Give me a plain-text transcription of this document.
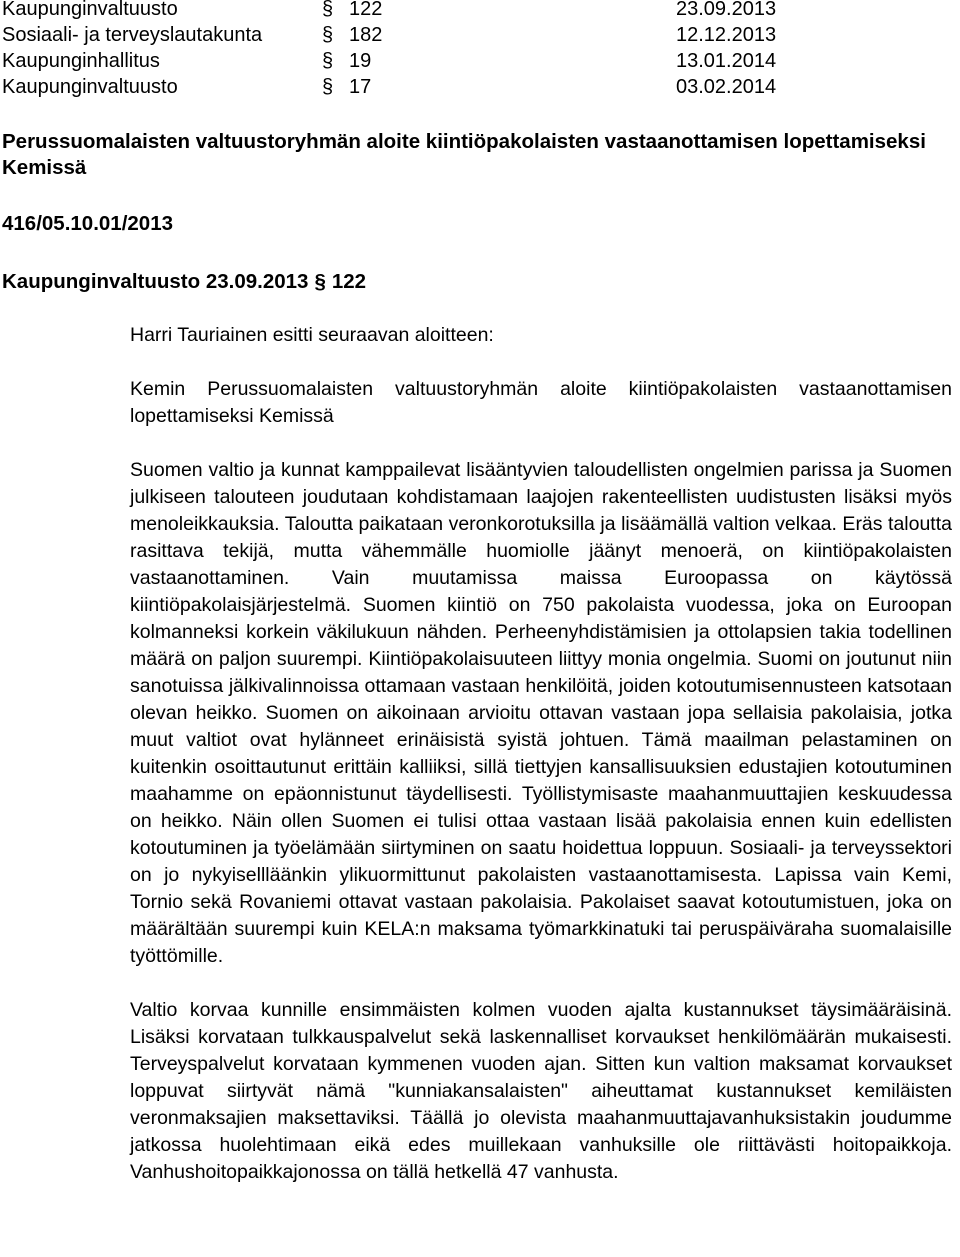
Kaupunginvaltuusto	§ 122	23.09.2013
Sosiaali- ja terveyslautakunta	§ 182	12.12.2013
Kaupunginhallitus	§ 19	13.01.2014
Kaupunginvaltuusto	§ 17	03.02.2014
Perussuomalaisten valtuustoryhmän aloite kiintiöpakolaisten vastaanottamisen lopettamiseksi Kemissä
416/05.10.01/2013
Kaupunginvaltuusto 23.09.2013 § 122

Harri Tauriainen esitti seuraavan aloitteen:

Kemin Perussuomalaisten valtuustoryhmän aloite kiintiöpakolaisten vastaanottamisen lopettamiseksi Kemissä

Suomen valtio ja kunnat kamppailevat lisääntyvien taloudellisten ongelmien parissa ja Suomen julkiseen talouteen joudutaan kohdistamaan laajojen rakenteellisten uudistusten lisäksi myös menoleikkauksia. Taloutta paikataan veronkorotuksilla ja lisäämällä valtion velkaa. Eräs taloutta rasittava tekijä, mutta vähemmälle huomiolle jäänyt menoerä, on kiintiöpakolaisten vastaanottaminen. Vain muutamissa maissa Euroopassa on käytössä kiintiöpakolaisjärjestelmä. Suomen kiintiö on 750 pakolaista vuodessa, joka on Euroopan kolmanneksi korkein väkilukuun nähden. Perheenyhdistämisien ja ottolapsien takia todellinen määrä on paljon suurempi. Kiintiöpakolaisuuteen liittyy monia ongelmia. Suomi on joutunut niin sanotuissa jälkivalinnoissa ottamaan vastaan henkilöitä, joiden kotoutumisennusteen katsotaan olevan heikko. Suomen on aikoinaan arvioitu ottavan vastaan jopa sellaisia pakolaisia, jotka muut valtiot ovat hylänneet erinäisistä syistä johtuen. Tämä maailman pelastaminen on kuitenkin osoittautunut erittäin kalliiksi, sillä tiettyjen kansallisuuksien edustajien kotoutuminen maahamme on epäonnistunut täydellisesti. Työllistymisaste maahanmuuttajien keskuudessa on heikko. Näin ollen Suomen ei tulisi ottaa vastaan lisää pakolaisia ennen kuin edellisten kotoutuminen ja työelämään siirtyminen on saatu hoidettua loppuun. Sosiaali- ja terveyssektori on jo nykyisellläänkin ylikuormittunut pakolaisten vastaanottamisesta. Lapissa vain Kemi, Tornio sekä Rovaniemi ottavat vastaan pakolaisia. Pakolaiset saavat kotoutumistuen, joka on määrältään suurempi kuin KELA:n maksama työmarkkinatuki tai peruspäiväraha suomalaisille työttömille.

Valtio korvaa kunnille ensimmäisten kolmen vuoden ajalta kustannukset täysimääräisinä. Lisäksi korvataan tulkkauspalvelut sekä laskennalliset korvaukset henkilömäärän mukaisesti. Terveyspalvelut korvataan kymmenen vuoden ajan. Sitten kun valtion maksamat korvaukset loppuvat siirtyvät nämä "kunniakansalaisten" aiheuttamat kustannukset kemiläisten veronmaksajien maksettaviksi. Täällä jo olevista maahanmuuttajavanhuksistakin joudumme jatkossa huolehtimaan eikä edes muillekaan vanhuksille ole riittävästi hoitopaikkoja. Vanhushoitopaikkajonossa on tällä hetkellä 47 vanhusta.
